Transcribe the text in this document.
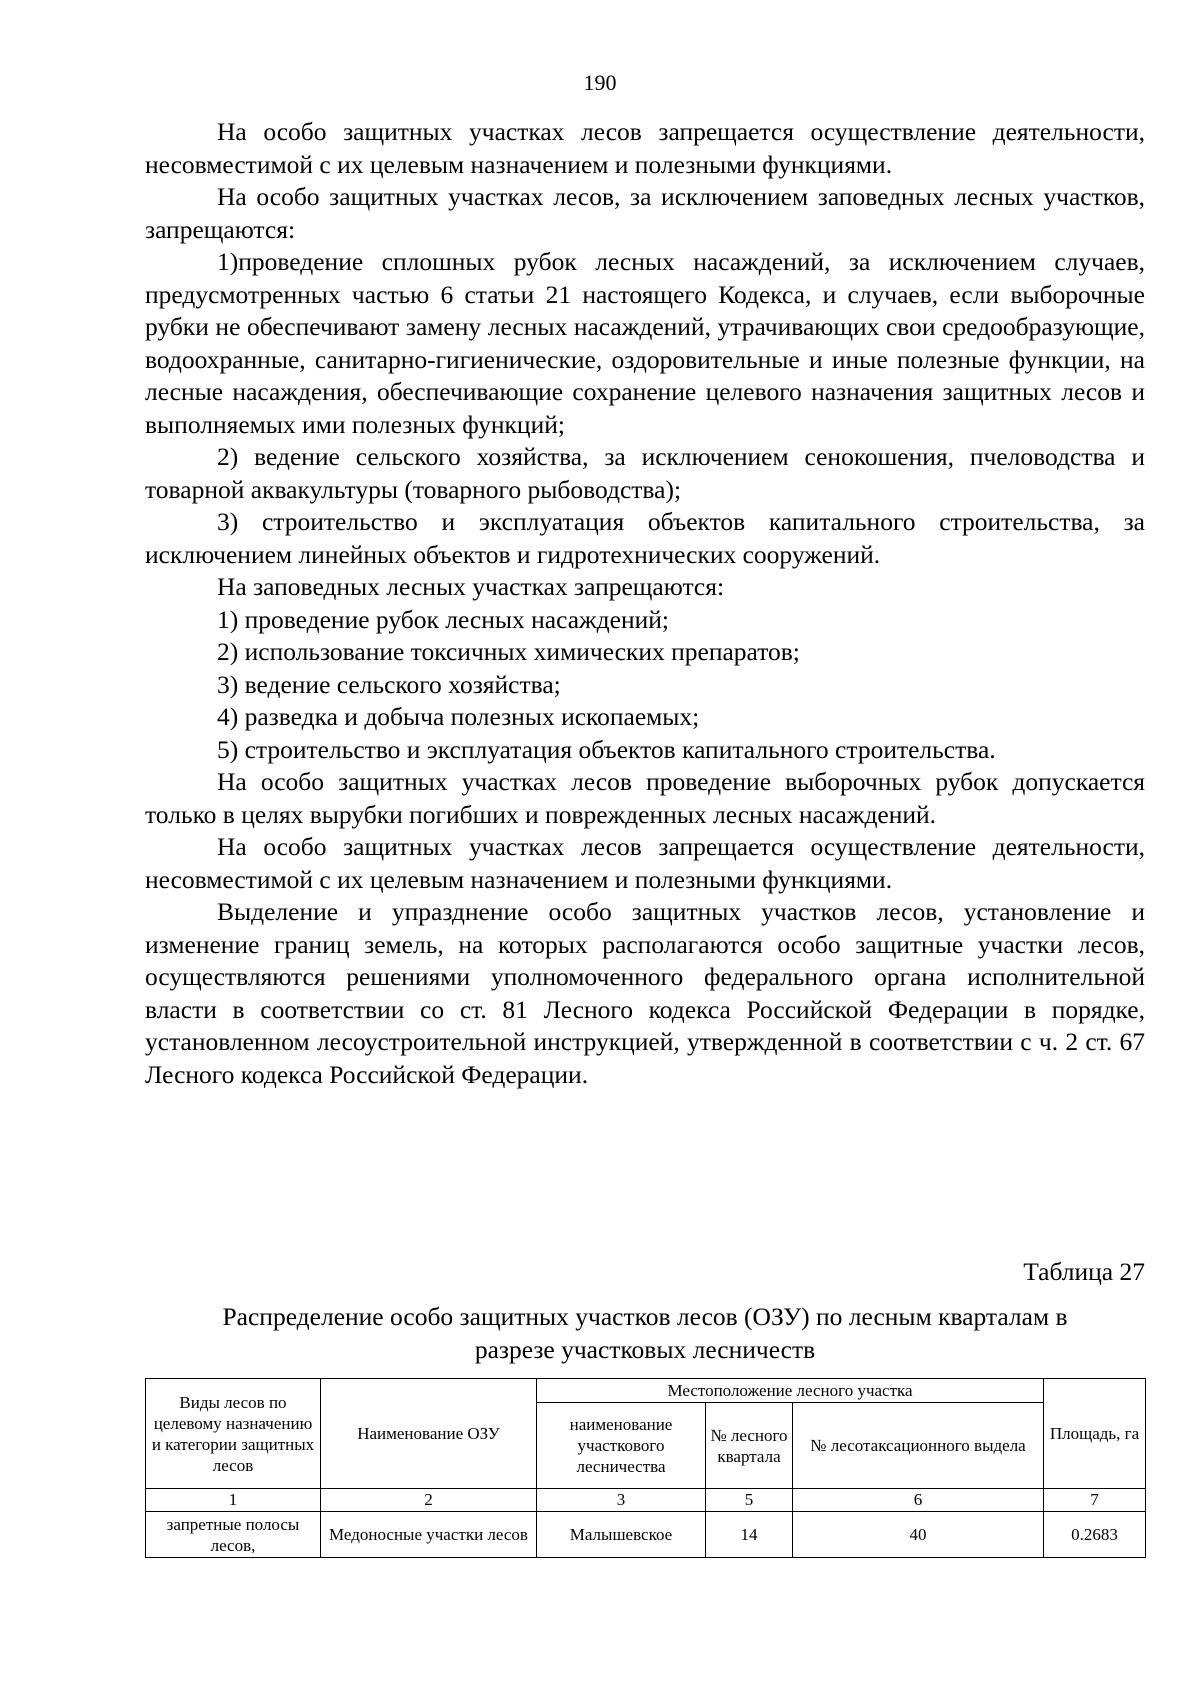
190

На особо защитных участках лесов запрещается осуществление деятельности, несовместимой с их целевым назначением и полезными функциями.

На особо защитных участках лесов, за исключением заповедных лесных участков, запрещаются:

1)проведение сплошных рубок лесных насаждений, за исключением случаев, предусмотренных частью 6 статьи 21 настоящего Кодекса, и случаев, если выборочные рубки не обеспечивают замену лесных насаждений, утрачивающих свои средообразующие, водоохранные, санитарно-гигиенические, оздоровительные и иные полезные функции, на лесные насаждения, обеспечивающие сохранение целевого назначения защитных лесов и выполняемых ими полезных функций;

2) ведение сельского хозяйства, за исключением сенокошения, пчеловодства и товарной аквакультуры (товарного рыбоводства);

3) строительство и эксплуатация объектов капитального строительства, за исключением линейных объектов и гидротехнических сооружений.

На заповедных лесных участках запрещаются:

1) проведение рубок лесных насаждений;

2) использование токсичных химических препаратов;

3) ведение сельского хозяйства;

4) разведка и добыча полезных ископаемых;

5) строительство и эксплуатация объектов капитального строительства.

На особо защитных участках лесов проведение выборочных рубок допускается только в целях вырубки погибших и поврежденных лесных насаждений.

На особо защитных участках лесов запрещается осуществление деятельности, несовместимой с их целевым назначением и полезными функциями.

Выделение и упразднение особо защитных участков лесов, установление и изменение границ земель, на которых располагаются особо защитные участки лесов, осуществляются решениями уполномоченного федерального органа исполнительной власти в соответствии со ст. 81 Лесного кодекса Российской Федерации в порядке, установленном лесоустроительной инструкцией, утвержденной в соответствии с ч. 2 ст. 67 Лесного кодекса Российской Федерации.

Таблица 27
Распределение особо защитных участков лесов (ОЗУ) по лесным кварталам в
разрезе участковых лесничеств
Виды лесов по целевому назначению и категории защитных лесов	Наименование ОЗУ	Местоположение лесного участка			Площадь, га
		наименование участкового лесничества	№ лесного квартала	№ лесотаксационного выдела	
1	2	3	5	6	7
запретные полосы лесов,	Медоносные участки лесов	Малышевское	14	40	0.2683
